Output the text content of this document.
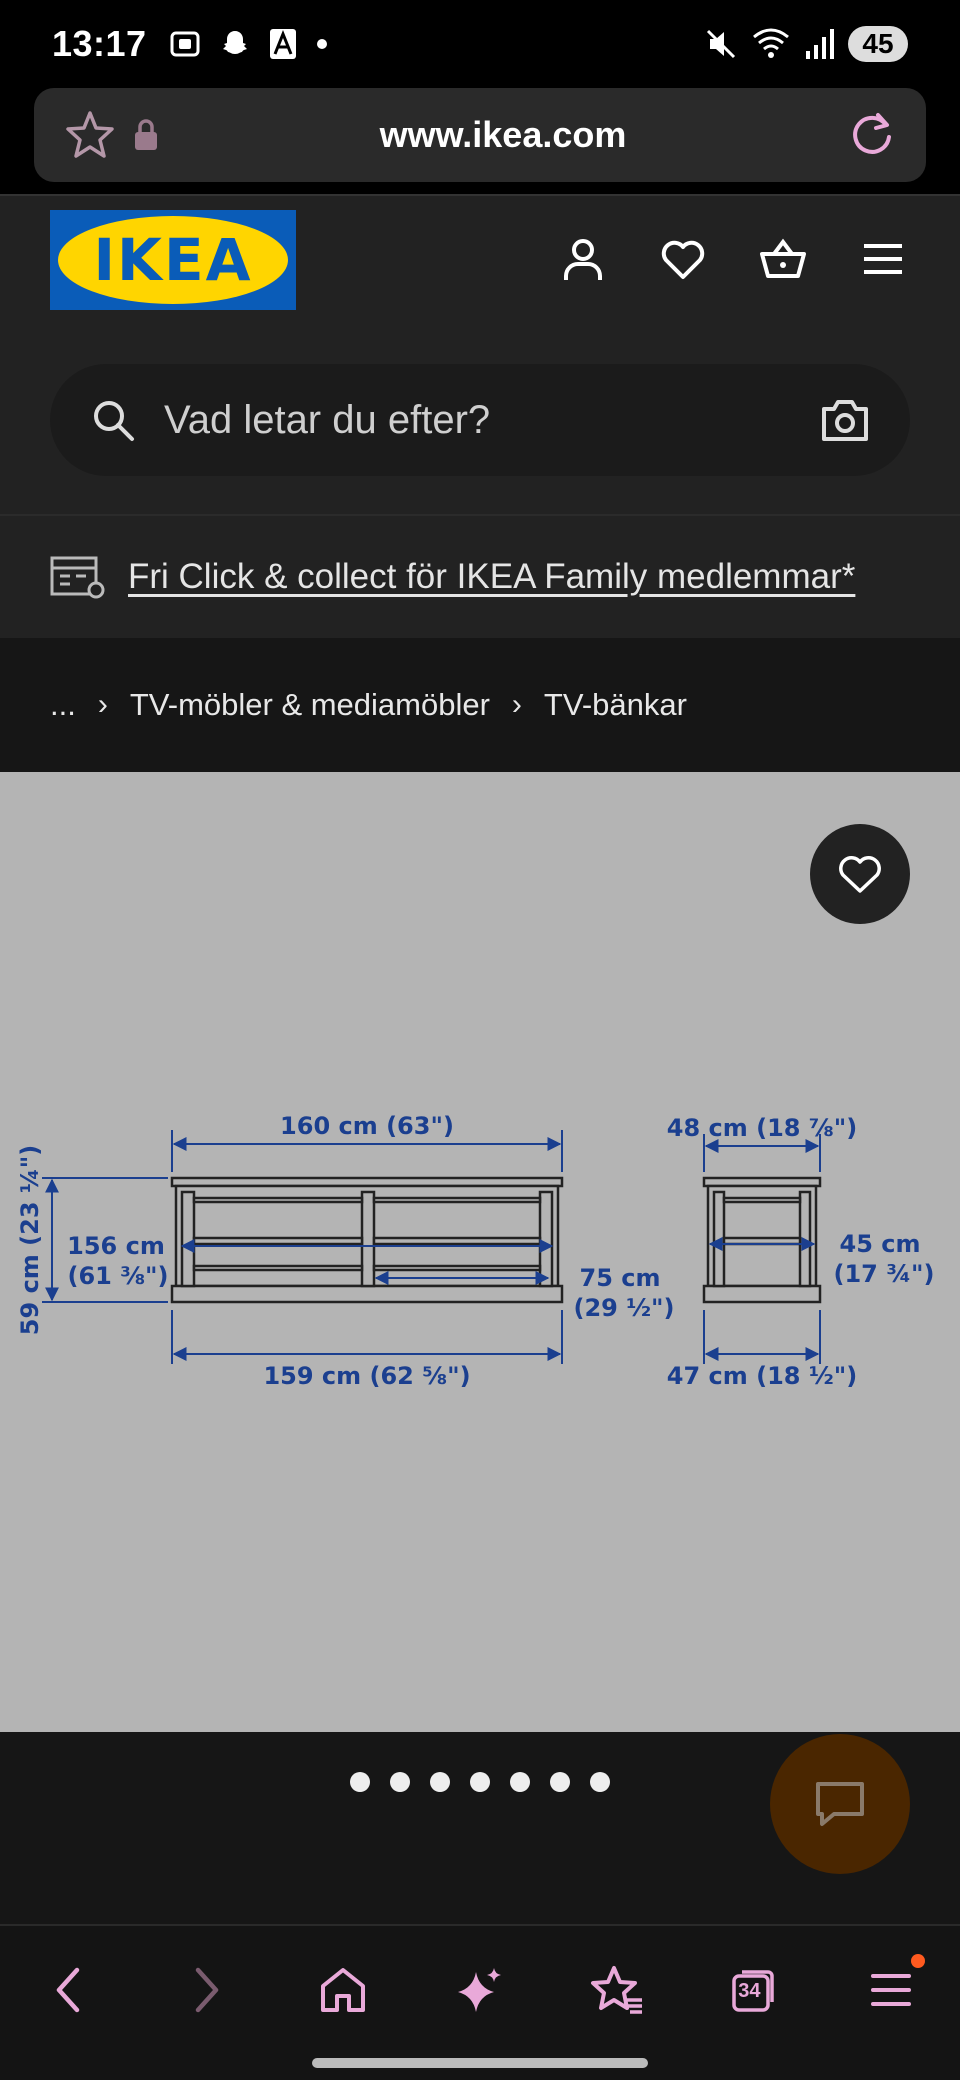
13:17	45
www.ikea.com
IKEA
Vad letar du efter?
Fri Click & collect för IKEA Family medlemmar*
... › TV-möbler & mediamöbler › TV-bänkar
160 cm (63")
159 cm (62 ⅝")
59 cm (23 ¼") 156 cm
(61 ⅜")	75 cm
(29 ½")
48 cm (18 ⅞")
47 cm (18 ½")
45 cm
(17 ¾")
34
